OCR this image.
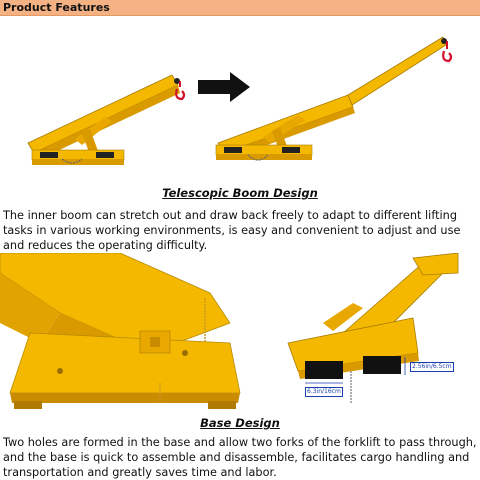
Product Features
Telescopic Boom Design
The inner boom can stretch out and draw back freely to adapt to different lifting tasks in various working environments, is easy and convenient to adjust and use and reduces the operating difficulty.
2.56in/6.5cm
6.3in/16cm
Base Design
Two holes are formed in the base and allow two forks of the forklift to pass through, and the base is quick to assemble and disassemble, facilitates cargo handling and transportation and greatly saves time and labor.
